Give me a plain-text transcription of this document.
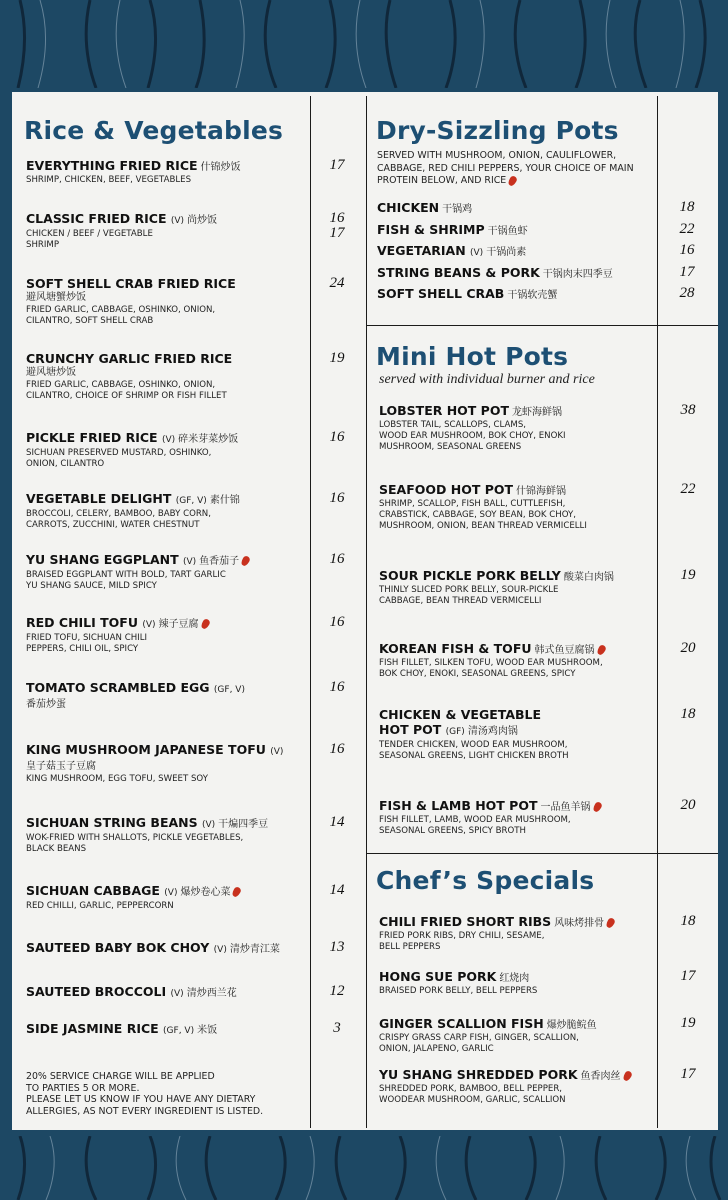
Rice & Vegetables
EVERYTHING FRIED RICE 什锦炒饭
SHRIMP, CHICKEN, BEEF, VEGETABLES
17
CLASSIC FRIED RICE (V) 尚炒饭
CHICKEN / BEEF / VEGETABLE
SHRIMP
16
17
SOFT SHELL CRAB FRIED RICE
避风塘蟹炒饭
FRIED GARLIC, CABBAGE, OSHINKO, ONION,
CILANTRO, SOFT SHELL CRAB
24
CRUNCHY GARLIC FRIED RICE
避风塘炒饭
FRIED GARLIC, CABBAGE, OSHINKO, ONION,
CILANTRO, CHOICE OF SHRIMP OR FISH FILLET
19
PICKLE FRIED RICE (V) 碎米芽菜炒饭
SICHUAN PRESERVED MUSTARD, OSHINKO,
ONION, CILANTRO
16
VEGETABLE DELIGHT (GF, V) 素什锦
BROCCOLI, CELERY, BAMBOO, BABY CORN,
CARROTS, ZUCCHINI, WATER CHESTNUT
16
YU SHANG EGGPLANT (V) 鱼香茄子
BRAISED EGGPLANT WITH BOLD, TART GARLIC
YU SHANG SAUCE, MILD SPICY
16
RED CHILI TOFU (V) 辣子豆腐
FRIED TOFU, SICHUAN CHILI
PEPPERS, CHILI OIL, SPICY
16
TOMATO SCRAMBLED EGG (GF, V)
番茄炒蛋
16
KING MUSHROOM JAPANESE TOFU (V)
皇子菇玉子豆腐
KING MUSHROOM, EGG TOFU, SWEET SOY
16
SICHUAN STRING BEANS (V) 干煸四季豆
WOK-FRIED WITH SHALLOTS, PICKLE VEGETABLES,
BLACK BEANS
14
SICHUAN CABBAGE (V) 爆炒卷心菜
RED CHILLI, GARLIC, PEPPERCORN
14
SAUTEED BABY BOK CHOY (V) 清炒青江菜	13
SAUTEED BROCCOLI (V) 清炒西兰花	12
SIDE JASMINE RICE (GF, V) 米饭	3
20% SERVICE CHARGE WILL BE APPLIED
TO PARTIES 5 OR MORE.
PLEASE LET US KNOW IF YOU HAVE ANY DIETARY
ALLERGIES, AS NOT EVERY INGREDIENT IS LISTED.
Dry-Sizzling Pots
SERVED WITH MUSHROOM, ONION, CAULIFLOWER, CABBAGE, RED CHILI PEPPERS, YOUR CHOICE OF MAIN PROTEIN BELOW, AND RICE
CHICKEN 干锅鸡	18
FISH & SHRIMP 干锅鱼虾	22
VEGETARIAN (V) 干锅尚素	16
STRING BEANS & PORK 干锅肉末四季豆	17
SOFT SHELL CRAB 干锅软壳蟹	28
Mini Hot Pots
served with individual burner and rice
LOBSTER HOT POT 龙虾海鲜锅
LOBSTER TAIL, SCALLOPS, CLAMS,
WOOD EAR MUSHROOM, BOK CHOY, ENOKI
MUSHROOM, SEASONAL GREENS
38
SEAFOOD HOT POT 什锦海鲜锅
SHRIMP, SCALLOP, FISH BALL, CUTTLEFISH,
CRABSTICK, CABBAGE, SOY BEAN, BOK CHOY,
MUSHROOM, ONION, BEAN THREAD VERMICELLI
22
SOUR PICKLE PORK BELLY 酸菜白肉锅
THINLY SLICED PORK BELLY, SOUR-PICKLE
CABBAGE, BEAN THREAD VERMICELLI
19
KOREAN FISH & TOFU 韩式鱼豆腐锅
FISH FILLET, SILKEN TOFU, WOOD EAR MUSHROOM,
BOK CHOY, ENOKI, SEASONAL GREENS, SPICY
20
CHICKEN & VEGETABLE
HOT POT (GF) 清汤鸡肉锅
TENDER CHICKEN, WOOD EAR MUSHROOM,
SEASONAL GREENS, LIGHT CHICKEN BROTH
18
FISH & LAMB HOT POT 一品鱼羊锅
FISH FILLET, LAMB, WOOD EAR MUSHROOM,
SEASONAL GREENS, SPICY BROTH
20
Chef’s Specials
CHILI FRIED SHORT RIBS 风味烤排骨
FRIED PORK RIBS, DRY CHILI, SESAME,
BELL PEPPERS
18
HONG SUE PORK 红烧肉
BRAISED PORK BELLY, BELL PEPPERS
17
GINGER SCALLION FISH 爆炒脆鲩鱼
CRISPY GRASS CARP FISH, GINGER, SCALLION,
ONION, JALAPENO, GARLIC
19
YU SHANG SHREDDED PORK 鱼香肉丝
SHREDDED PORK, BAMBOO, BELL PEPPER,
WOODEAR MUSHROOM, GARLIC, SCALLION
17
